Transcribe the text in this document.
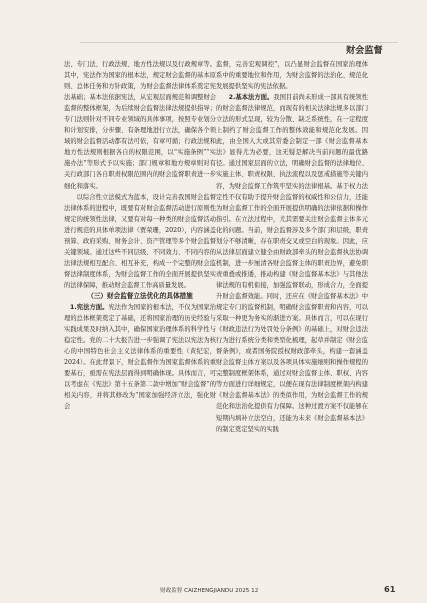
财会监督

法、专门法、行政法规、地方性法规以及行政规章等。其中，宪法作为国家的根本法，规定财会监督的基本原则、总体任务和方针政策，为财会监督法律体系奠定宪法基础；基本法依据宪法，从宏观层面规范和调整财会监督的整体框架，为后续财会监督法律法规提供指导；专门法则针对不同专业领域的具体事项，按照专业划分和计划安排，分步骤、有条理地进行立法，确保各个领域的财会监督活动都有法可依，有章可循；行政法规和地方性法规则根据各自的权限范围，以“实施条例”“实施办法”等形式予以实施；部门规章和地方规章则对有关行政部门各自职责权限范围内的财会监督职责进一步细化和落实。

以综合性立法模式为蓝本，设计完善我国财会监督法律体系的进程中，既要有对财会监督活动进行原则性规定的统领性法律，又要有对每一种类的财会监督活动进行规范的具体单项法律（贾荣珊，2020），内容涵盖预算、政府采购、财务会计、资产管理等多个财会监督关键领域。通过这些不同层级、不同效力、不同内容的法律法规相互配合、相互补充，构成一个完整的财会监督法律制度体系，为财会监督工作的全面开展提供坚实的法律保障，推动财会监督工作高质量发展。

（三）财会监督立法优化的具体措施

1.宪法方面。宪法作为国家的根本法，不仅为国家治理的总体框架奠定了基础，还将国家治理的历史经验与实践成果及时纳入其中，确保国家治理体系的科学性与稳定性。党的二十大报告进一步强调了宪法以宪法为核心的中国特色社会主义法律体系的重要性（黄纪宏，2024）。在此背景下，财会监督作为国家监督体系的重要基石，亟需在宪法层面得到明确体现。具体而言，可以考虑在《宪法》第十五条第二款中增加“财会监督”的相关内容，并将其修改为“国家加强经济立法，强化财会

监督，完善宏观调控”，以凸显财会监督在国家治理体系中的重要地位和作用，为财会监督的法治化、规范化发展提供坚实的宪法依据。

2.基本法方面。我国目前尚未形成一部具有统领性的财会监督法律规范，而现有的相关法律法规多以部门立法的形式呈现，较为分散、缺乏系统性，在一定程度上制约了财会监督工作的整体效能和规范化发展。因此，由全国人大或其常委会制定一部《财会监督基本法》显得尤为必要，这无疑是解决当前问题的最优路径。通过国家层面的立法，明确财会监督的法律地位、实施主体、职责权限、执法流程以及惩戒措施等关键内容，为财会监督工作筑牢坚实的法律根基。基于权力法定性不仅有助于提升财会监督的权威性和公信力，还能为财会监督工作的全面开展提供明确的法律依据和操作指引。在立法过程中，尤其需要关注财会监督主体多元化的问题。当前，财会监督涉及多个部门和层级，职责划分不够清晰，存在职责交叉或空白的现象。因此，应从法律层面建立健全由财政部牵头的财会监督执法协调机制，进一步厘清各财会监督主体的职责边界，避免职责重叠或推诿，推动构建《财会监督基本法》与其他法律法规的有机衔接，加强监督联动，形成合力，全面提升财会监督效能。同时，还应在《财会监督基本法》中规定专门的监督机制，明确财会监督职责和内容，可以采取一种更为务实的渐进方案。具体而言，可以在现行《财政违法行为处罚处分条例》的基础上，对财会违法行为进行系统分类和类型化梳理，起草并制定《财会监督条例》，或者国务院授权财政部牵头，构建一套涵盖财会监督主体方案以及各项具体实施细则和操作规程的完整制度框架体系，通过对财会监督主体、职权、内容等方面进行详细规定，以便在现有法律制度框架内构建《财会监督基本法》的类似作用，为财会监督工作的规范化和法治化提供有力保障。这种过渡方案不仅能够在短期内填补立法空白，还能为未来《财会监督基本法》的制定奠定坚实的实践

财政监督 CAIZHENGJIANDU 2025 12	61
